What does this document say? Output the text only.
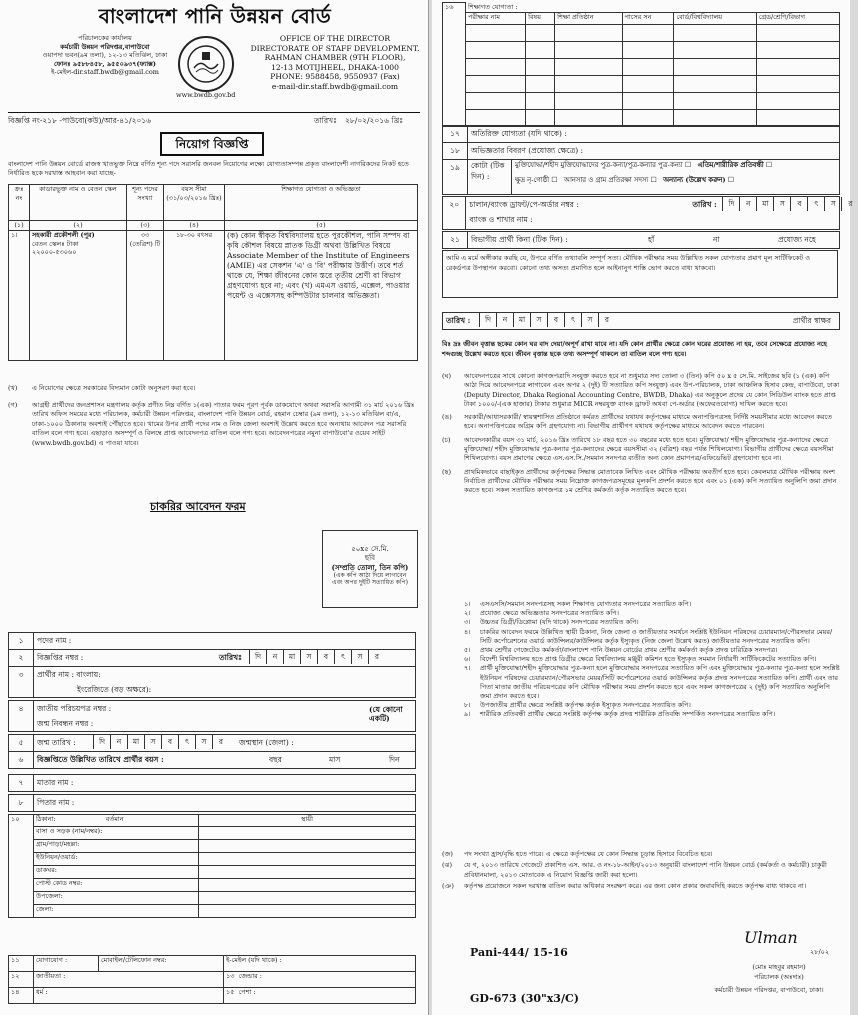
বাংলাদেশ পানি উন্নয়ন বোর্ড

পরিচালকের কার্যালয়

কর্মচারী উন্নয়ন পরিদপ্তর,বাপাউবো

ওয়াপদা ভবন(৯ম তলা), ১২-১৩ মতিঝিল, ঢাকা

ফোনঃ ৯৫৮৮৪৫৮, ৯৫৫০৯৩৭(ফ্যাক্স)

ই-মেইল-dir.staff.bwdb@gmail.com

www.bwdb.gov.bd

OFFICE OF THE DIRECTOR

DIRECTORATE OF STAFF DEVELOPMENT.

RAHMAN CHAMBER (9TH FLOOR),

12-13 MOTIJHEEL, DHAKA-1000

PHONE: 9588458, 9550937 (Fax)

e-mail-dir.staff.bwdb@gmail.com

বিজ্ঞপ্তি নং-২১৮ -পাউবো(কউ)/আর-৪১/২০১৬	তারিখঃ ২৮/০২/২০১৬ খ্রিঃ
নিয়োগ বিজ্ঞপ্তি
বাংলাদেশ পানি উন্নয়ন বোর্ডে রাজস্ব খাতভুক্ত নিম্নে বর্ণিত শূন্য পদে সরাসরি জনবল নিয়োগের লক্ষ্যে যোগ্যতাসম্পন্ন প্রকৃত বাংলাদেশী নাগরিকদের নিকট হতে নির্ধারিত ছকে দরখাস্ত আহবান করা যাচ্ছে-
ক্রঃ নং	কাডারভুক্ত নাম ও বেতন স্কেল	শূন্য পদের সংখ্যা	বয়স সীমা (৩১/০৩/২০১৬ খ্রিঃ)	শিক্ষাগত যোগ্যতা ও অভিজ্ঞতা
(১)	(২)	(৩)	(৪)	(৫)
১।	সহকারী প্রকৌশলী (পুর)

বেতন স্কেলঃ টাকা ২২০০০-৫৩০৬০	৩৩ (তেত্রিশ) টি	১৮-৩০ বৎসর	(ক) কোন স্বীকৃত বিশ্ববিদ্যালয় হতে পুরকৌশল, পানি সম্পদ বা কৃষি কৌশল বিষয়ে স্নাতক ডিগ্রী অথবা উল্লিখিত বিষয়ে Associate Member of the Institute of Engineers (AMIE) এর সেকশন 'এ' ও 'বি' পরীক্ষায় উত্তীর্ণ। তবে শর্ত থাকে যে, শিক্ষা জীবনের কোন স্তরে তৃতীয় শ্রেণী বা বিভাগ গ্রহণযোগ্য হবে না; এবং (খ) এমএস ওয়ার্ড, এক্সেল, পাওয়ার পয়েন্ট ও এক্সেসসহ কম্পিউটার চালনার অভিজ্ঞতা।
(খ)	এ নিয়োগের ক্ষেত্রে সরকারের বিদ্যমান কোটা অনুসরণ করা হবে।
(গ)	আগ্রহী প্রার্থীদের জনপ্রশাসন মন্ত্রণালয় কর্তৃক প্রণীত নিম্ন বর্ণিত ১(এক) পাতার ফরম পূরণ পূর্বক ডাকযোগে অথবা সরাসরি আগামী ৩১ মার্চ ২০১৬ খ্রিঃ তারিখ অফিস সময়ের মধ্যে পরিচালক, কর্মচারী উন্নয়ন পরিদপ্তর, বাংলাদেশ পানি উন্নয়ন বোর্ড, রহমান চেম্বার (৯ম তলা), ১২-১৩ মতিঝিল বা/এ, ঢাকা-১০০০ ঠিকানায় অবশ্যই পৌঁছাতে হবে। খামের উপর প্রার্থী পদের নাম ও নিজ জেলা অবশ্যই উল্লেখ করতে হবে অন্যথায় আবেদন পত্র সরাসরি বাতিল বলে গণ্য হবে। এছাড়াও অসম্পূর্ণ ও বিলম্বে প্রাপ্ত আবেদনপত্র বাতিল বলে গণ্য হবে। আবেদনপত্রের নমুনা বাপাউবো'র ওয়েব সাইট (www.bwdb.gov.bd) এ পাওয়া যাবে।
চাকরির আবেদন ফরম

৫০x৫ সে.মি.

ছবি

(সম্প্রতি তোলা, তিন কপি)

(এক কপি আঠা দিয়ে লাগাবেন

এবং অপর দুইটি সত্যায়িত কপি)

১	পদের নাম :
২	বিজ্ঞপ্তির নম্বর :	তারিখঃ	দি	ন	মা	স	ব	ৎ	স	র
৩	প্রার্থীর নাম : বাংলায়:

ইংরেজিতে (বড় অক্ষরে):

৪	জাতীয় পরিচয়পত্র নম্বর :

জন্ম নিবন্ধন নম্বর :

(যে কোনো একটি)
৫	জন্ম তারিখ :	দি	ন	মা	স	ব	ৎ	স	র	জন্মস্থান (জেলা) :
৬	বিজ্ঞপ্তিতে উল্লিখিত তারিখে প্রার্থীর বয়স :	বছর	মাস	দিন
৭	মাতার নাম :
৮	পিতার নাম :
১০	ঠিকানা: বর্তমান	স্থায়ী
	বাসা ও সড়ক (নাম/নম্বর):	
	গ্রাম/পাড়া/মহল্লা:	
	ইউনিয়ন/ওয়ার্ড:	
	ডাকঘর:	
	পোস্ট কোড নম্বর:	
	উপজেলা:	
	জেলা:	
১১	যোগাযোগ :	মোবাইল/টেলিফোন নম্বর:	ই-মেইল (যদি থাকে) :
১২	জাতীয়তা :		১৩ জেন্ডার :
১৪	ধর্ম :		১৫ পেশা :
১৬	শিক্ষাগত যোগ্যতা :					
	পরীক্ষার নাম	বিষয়	শিক্ষা প্রতিষ্ঠান	পাসের সন	বোর্ড/বিশ্ববিদ্যালয়	গ্রেড/শ্রেণি/বিভাগ

১৭	অতিরিক্ত যোগ্যতা (যদি থাকে) :
১৮	অভিজ্ঞতার বিবরণ (প্রযোজ্য ক্ষেত্রে) :
১৯	কোটা (টিক দিন) :

মুক্তিযোদ্ধা/শহীদ মুক্তিযোদ্ধাদের পুত্র-কন্যা/পুত্র-কন্যার পুত্র-কন্যা ☐   এতিম/শারীরিক প্রতিবন্ধী ☐

ক্ষুদ্র নৃ-গোষ্ঠী ☐   আনসার ও গ্রাম প্রতিরক্ষা সদস্য ☐   অন্যান্য (উল্লেখ করুন) ☐

২০	চালান/ব্যাংক ড্রাফট/পে-অর্ডার নম্বর :

ব্যাংক ও শাখার নাম :

তারিখ :	দি	ন	মা	স	ব	ৎ	স	র
২১	বিভাগীয় প্রার্থী কিনা (টিক দিন) :	হাঁ	না	প্রযোজ্য নহে
আমি এ মর্মে অঙ্গীকার করছি যে, উপরে বর্ণিত তথ্যাবলি সম্পূর্ণ সত্য। মৌখিক পরীক্ষার সময় উল্লিখিত সকল যোগ্যতার প্রমাণ মূল সার্টিফিকেট ও রেকর্ডপত্র উপস্থাপন করবো। কোনো তথ্য অসত্য প্রমাণিত হলে আইনানুগ শাস্তি ভোগ করতে বাধ্য থাকবো।
তারিখ :	দি	ন	মা	স	ব	ৎ	স	র	প্রার্থীর স্বাক্ষর
বিঃ দ্রঃ জীবন বৃত্তান্ত ছকের কোন ঘর বাদ দেয়া/অপূর্ণ রাখা যাবে না। যদি কোন প্রার্থীর ক্ষেত্রে কোন ঘরের প্রযোজ্য না হয়, তবে সেক্ষেত্রে প্রযোজ্য নহে শব্দগুচ্ছ উল্লেখ করতে হবে। জীবন বৃত্তান্ত ছকে তথ্য অসম্পূর্ণ থাকলে তা বাতিল বলে গণ্য হবে।
(ঘ)	আবেদনপত্রের সাথে কোনো কাগজপত্রাদি সংযুক্ত করতে হবে না শুধুমাত্র সদ্য তোলা ৩ (তিন) কপি ৫০ x ৫ সে.মি. সাইজের ছবি (১ (এক) কপি আঠা দিয়ে আবেদনপত্রে লাগাবেন এবং অপর ২ (দুই) টি সত্যায়িত কপি সংযুক্ত) এবং উপ-পরিচালক, ঢাকা আঞ্চলিক হিসাব কেন্দ্র, বাপাউবো, ঢাকা (Deputy Director, Dhaka Regional Accounting Centre, BWDB, Dhaka) এর অনুকূলে প্রদেয় যে কোন সিডিউল ব্যাংক হতে প্রাপ্ত টাকা ১০০০/-(এক হাজার) টাকার শুধুমাত্র MICR নম্বরযুক্ত ব্যাংক ড্রাফট অথবা পে-অর্ডার (অফেরতযোগ্য) দাখিল করতে হবে।
(ঙ)	সরকারী/আধাসরকারী/ স্বায়ত্বশাসিত প্রতিষ্ঠানে কর্মরত প্রার্থীদের যথাযথ কর্তৃপক্ষের মাধ্যমে অনাপত্তিপত্রসহ নির্দিষ্ট সময়সীমার মধ্যে আবেদন করতে হবে। অনাপত্তিপত্রের অগ্রিম কপি গ্রহণযোগ্য না। বিভাগীয় প্রার্থীগণ যথাযথ কর্তৃপক্ষের মাধ্যমে আবেদন করতে পারবেন।
(চ)	আবেদনকারীর বয়স ৩১ মার্চ, ২০১৬ খ্রিঃ তারিখে ১৮ বছর হতে ৩০ বছরের মধ্যে হতে হবে। মুক্তিযোদ্ধা/ শহীদ মুক্তিযোদ্ধার পুত্র-কন্যাদের ক্ষেত্রে মুক্তিযোদ্ধা/ শহীদ মুক্তিযোদ্ধার পুত্র-কন্যার পুত্র-কন্যাদের ক্ষেত্রে বয়সসীমা ৩২ (বত্রিশ) বছর পর্যন্ত শিথিলযোগ্য। বিভাগীয় প্রার্থীদের ক্ষেত্রে বয়সসীমা শিথিলযোগ্য। বয়স প্রমাণের ক্ষেত্রে এস.এস.সি./সমমান সনদপত্র ব্যতীত অন্য কোন প্রমাণপত্র/এফিডেভিট গ্রহণযোগ্য হবে না।
(ছ)	প্রাথমিকভাবে বাছাইকৃত প্রার্থীদের কর্তৃপক্ষের সিদ্ধান্ত মোতাবেক লিখিত এবং মৌখিক পরীক্ষায় অবতীর্ণ হতে হবে। কেবলমাত্র মৌখিক পরীক্ষায় অংশ নির্বাচিত প্রার্থীদের মৌখিক পরীক্ষার সময় নিম্নোক্ত কাগজপত্রসমূহের মূলকপি প্রদর্শন করতে হবে এবং ০১ (এক) কপি সত্যায়িত অনুলিপি জমা প্রদান করতে হবে। সকল সত্যায়িত কাগজপত্র ১ম শ্রেণির কর্মকর্তা কর্তৃক সত্যায়িত করতে হবে।
১।	এসএসসি/সমমান সনদপত্রসহ সকল শিক্ষাগত যোগ্যতার সনদপত্রের সত্যায়িত কপি।
২।	প্রযোজ্য ক্ষেত্রে অভিজ্ঞতার সনদপত্রের সত্যায়িত কপি।
৩।	উচ্চতর ডিগ্রী/ডিপ্লোমা (যদি থাকে) সনদপত্রের সত্যায়িত কপি।
৪।	চাকরির আবেদন ফরমে উল্লিখিত স্থায়ী ঠিকানা, নিজ জেলা ও জাতীয়তার সমর্থনে সংশ্লিষ্ট ইউনিয়ন পরিষদের চেয়ারম্যান/পৌরসভার মেয়র/সিটি কর্পোরেশনের ওয়ার্ড কাউন্সিলর/কাউন্সিলর কর্তৃক ইস্যুকৃত (নিজ জেলা উল্লেখ করত) জাতীয়তার সনদপত্রের সত্যায়িত কপি।
৫।	প্রথম শ্রেণীর গেজেটেড কর্মকর্তা/বাংলাদেশ পানি উন্নয়ন বোর্ডের প্রথম শ্রেণীর কর্মকর্তা কর্তৃক প্রদত্ত চারিত্রিক সনদপত্র।
৬।	বিদেশী বিশ্ববিদ্যালয় হতে প্রাপ্ত ডিগ্রীর ক্ষেত্রে বিশ্ববিদ্যালয় মঞ্জুরী কমিশন হতে ইস্যুকৃত সমমান নির্ধারণী সার্টিফিকেটের সত্যায়িত কপি।
৭।	প্রার্থী মুক্তিযোদ্ধা/শহীদ মুক্তিযোদ্ধার পুত্র-কন্যা হলে মুক্তিযোদ্ধার সনদপত্রের সত্যায়িত কপি এবং মুক্তিযোদ্ধার পুত্র-কন্যার পুত্র-কন্যা হলে সংশ্লিষ্ট ইউনিয়ন পরিষদের চেয়ারম্যান/পৌরসভার মেয়র/সিটি কর্পোরেশনের ওয়ার্ড কাউন্সিলর কর্তৃক প্রদত্ত সনদপত্রের সত্যায়িত কপি। প্রার্থী এবং তার পিতা মাতার জাতীয় পরিচয়পত্রের কপি মৌখিক পরীক্ষার সময় প্রদর্শন করতে হবে এবং সকল কাগজপত্রের ২ (দুই) কপি সত্যায়িত অনুলিপি জমা প্রদান করতে হবে।
৮।	উপজাতীয় প্রার্থীর ক্ষেত্রে সংশ্লিষ্ট কর্তৃপক্ষ কর্তৃক ইস্যুকৃত সনদপত্রের সত্যায়িত কপি।
৯।	শারীরিক প্রতিবন্ধী প্রার্থীর ক্ষেত্রে সংশ্লিষ্ট কর্তৃপক্ষ কর্তৃক প্রদত্ত শারীরিক প্রতিবন্ধি সম্পর্কিত সনদপত্রের সত্যায়িত কপি।
(জ)	পদ সংখ্যা হ্রাস/বৃদ্ধি হতে পারে। এ ক্ষেত্রে কর্তৃপক্ষের যে কোন সিদ্ধান্ত চূড়ান্ত হিসাবে বিবেচিত হবে।
(ঝ)	যে গ, ২০১৩ তারিখে গেজেটে প্রকাশিত এস. আর. ও নং-১৮-আইন/২০১৩ অনুযায়ী বাংলাদেশ পানি উন্নয়ন বোর্ড (কর্মকর্তা ও কর্মচারী) চাকুরী প্রবিধানমালা, ২০১৩ মোতাবেক এ নিয়োগ বিজ্ঞপ্তি জারী করা হলো।
(ঞ)	কর্তৃপক্ষ প্রয়োজনে সকল দরখাস্ত বাতিল করার অধিকার সংরক্ষণ করে। এর জন্য কোন প্রকার জবাবদিহি করতে কর্তৃপক্ষ বাধ্য থাকবে না।
Pani-444/ 15-16
GD-673 (30"x3/C)
Ulman
২৮/০২

(মোঃ মাহবুর রহমান)

পরিচালক (অঃদাঃ)

কর্মচারী উন্নয়ন পরিদপ্তর, বাপাউবো, ঢাকা।
